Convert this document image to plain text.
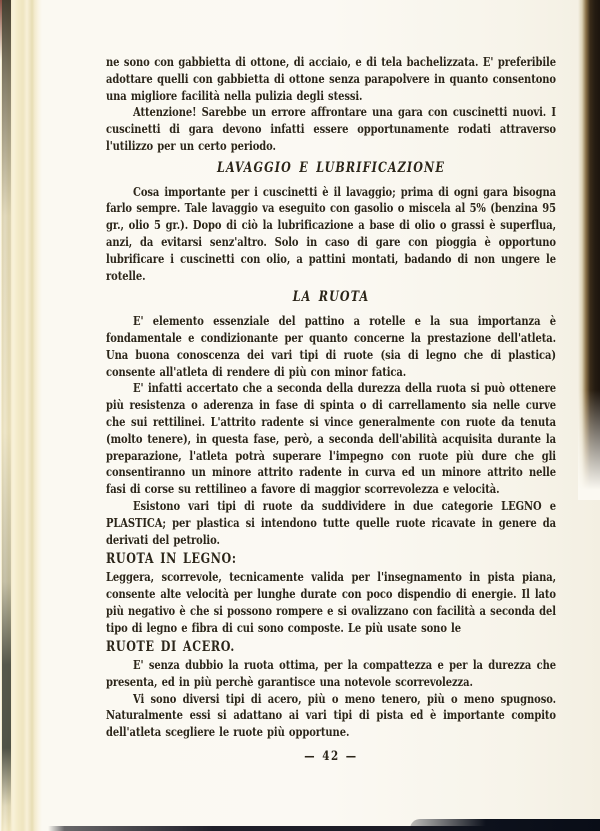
ne sono con gabbietta di ottone, di acciaio, e di tela bachelizzata. E' preferibile adottare quelli con gabbietta di ottone senza parapolvere in quanto consentono una migliore facilità nella pulizia degli stessi.

Attenzione! Sarebbe un errore affrontare una gara con cuscinetti nuovi. I cuscinetti di gara devono infatti essere opportunamente rodati attraverso l'utilizzo per un certo periodo.

LAVAGGIO E LUBRIFICAZIONE

Cosa importante per i cuscinetti è il lavaggio; prima di ogni gara bisogna farlo sempre. Tale lavaggio va eseguito con gasolio o miscela al 5% (benzina 95 gr., olio 5 gr.). Dopo di ciò la lubrificazione a base di olio o grassi è superflua, anzi, da evitarsi senz'altro. Solo in caso di gare con pioggia è opportuno lubrificare i cuscinetti con olio, a pattini montati, badando di non ungere le rotelle.

LA RUOTA

E' elemento essenziale del pattino a rotelle e la sua importanza è fondamentale e condizionante per quanto concerne la prestazione dell'atleta. Una buona conoscenza dei vari tipi di ruote (sia di legno che di plastica) consente all'atleta di rendere di più con minor fatica.

E' infatti accertato che a seconda della durezza della ruota si può ottenere più resistenza o aderenza in fase di spinta o di carrellamento sia nelle curve che sui rettilinei. L'attrito radente si vince generalmente con ruote da tenuta (molto tenere), in questa fase, però, a seconda dell'abilità acquisita durante la preparazione, l'atleta potrà superare l'impegno con ruote più dure che gli consentiranno un minore attrito radente in curva ed un minore attrito nelle fasi di corse su rettilineo a favore di maggior scorrevolezza e velocità.

Esistono vari tipi di ruote da suddividere in due categorie LEGNO e PLASTICA; per plastica si intendono tutte quelle ruote ricavate in genere da derivati del petrolio.

RUOTA IN LEGNO:

Leggera, scorrevole, tecnicamente valida per l'insegnamento in pista piana, consente alte velocità per lunghe durate con poco dispendio di energie. Il lato più negativo è che si possono rompere e si ovalizzano con facilità a seconda del tipo di legno e fibra di cui sono composte. Le più usate sono le

RUOTE DI ACERO.

E' senza dubbio la ruota ottima, per la compattezza e per la durezza che presenta, ed in più perchè garantisce una notevole scorrevolezza.

Vi sono diversi tipi di acero, più o meno tenero, più o meno spugnoso. Naturalmente essi si adattano ai vari tipi di pista ed è importante compito dell'atleta scegliere le ruote più opportune.

— 42 —
